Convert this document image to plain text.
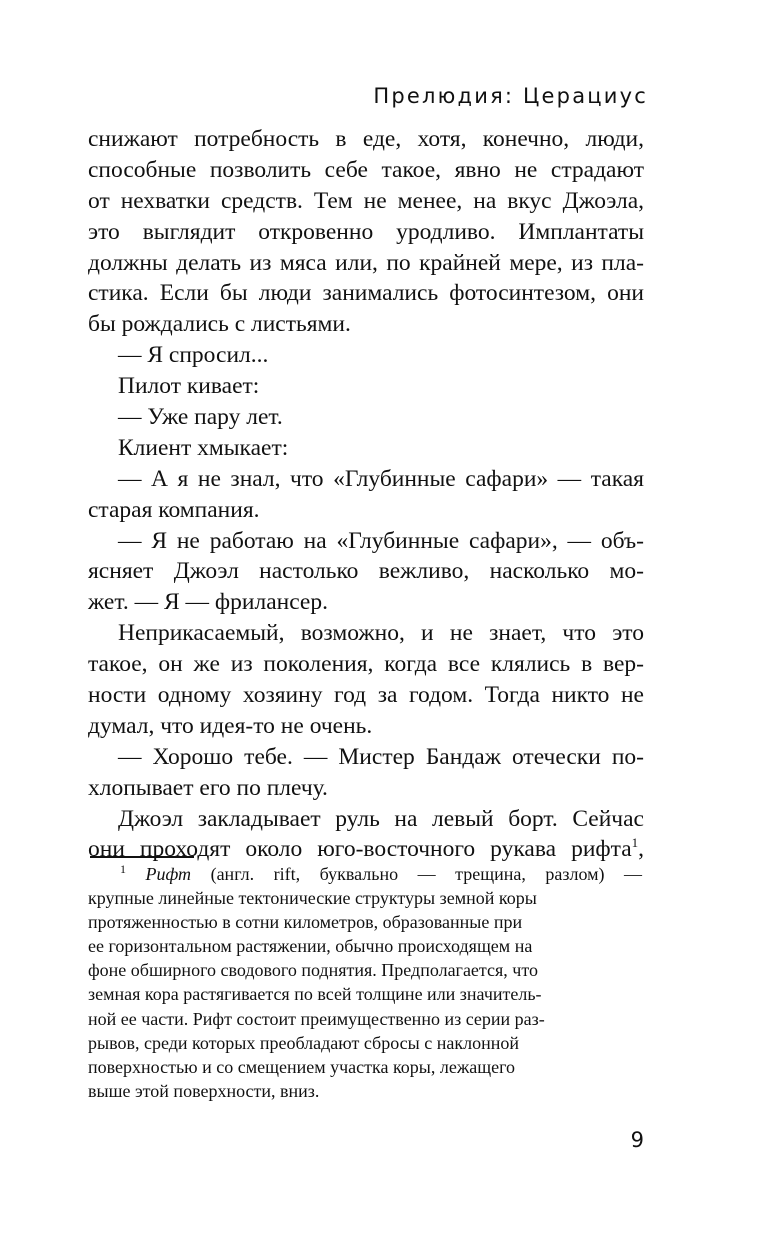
Прелюдия: Церациус
снижают потребность в еде, хотя, конечно, люди,
способные позволить себе такое, явно не страдают
от нехватки средств. Тем не менее, на вкус Джоэла,
это выглядит откровенно уродливо. Имплантаты
должны делать из мяса или, по крайней мере, из пла-
стика. Если бы люди занимались фотосинтезом, они
бы рождались с листьями.
— Я спросил...
Пилот кивает:
— Уже пару лет.
Клиент хмыкает:
— А я не знал, что «Глубинные сафари» — такая
старая компания.
— Я не работаю на «Глубинные сафари», — объ-
ясняет Джоэл настолько вежливо, насколько мо-
жет. — Я — фрилансер.
Неприкасаемый, возможно, и не знает, что это
такое, он же из поколения, когда все клялись в вер-
ности одному хозяину год за годом. Тогда никто не
думал, что идея-то не очень.
— Хорошо тебе. — Мистер Бандаж отечески по-
хлопывает его по плечу.
Джоэл закладывает руль на левый борт. Сейчас
они проходят около юго-восточного рукава рифта$^1$,
$^1$ Рифт (англ. rift, буквально — трещина, разлом) —
крупные линейные тектонические структуры земной коры
протяженностью в сотни километров, образованные при
ее горизонтальном растяжении, обычно происходящем на
фоне обширного сводового поднятия. Предполагается, что
земная кора растягивается по всей толщине или значитель-
ной ее части. Рифт состоит преимущественно из серии раз-
рывов, среди которых преобладают сбросы с наклонной
поверхностью и со смещением участка коры, лежащего
выше этой поверхности, вниз.
9
